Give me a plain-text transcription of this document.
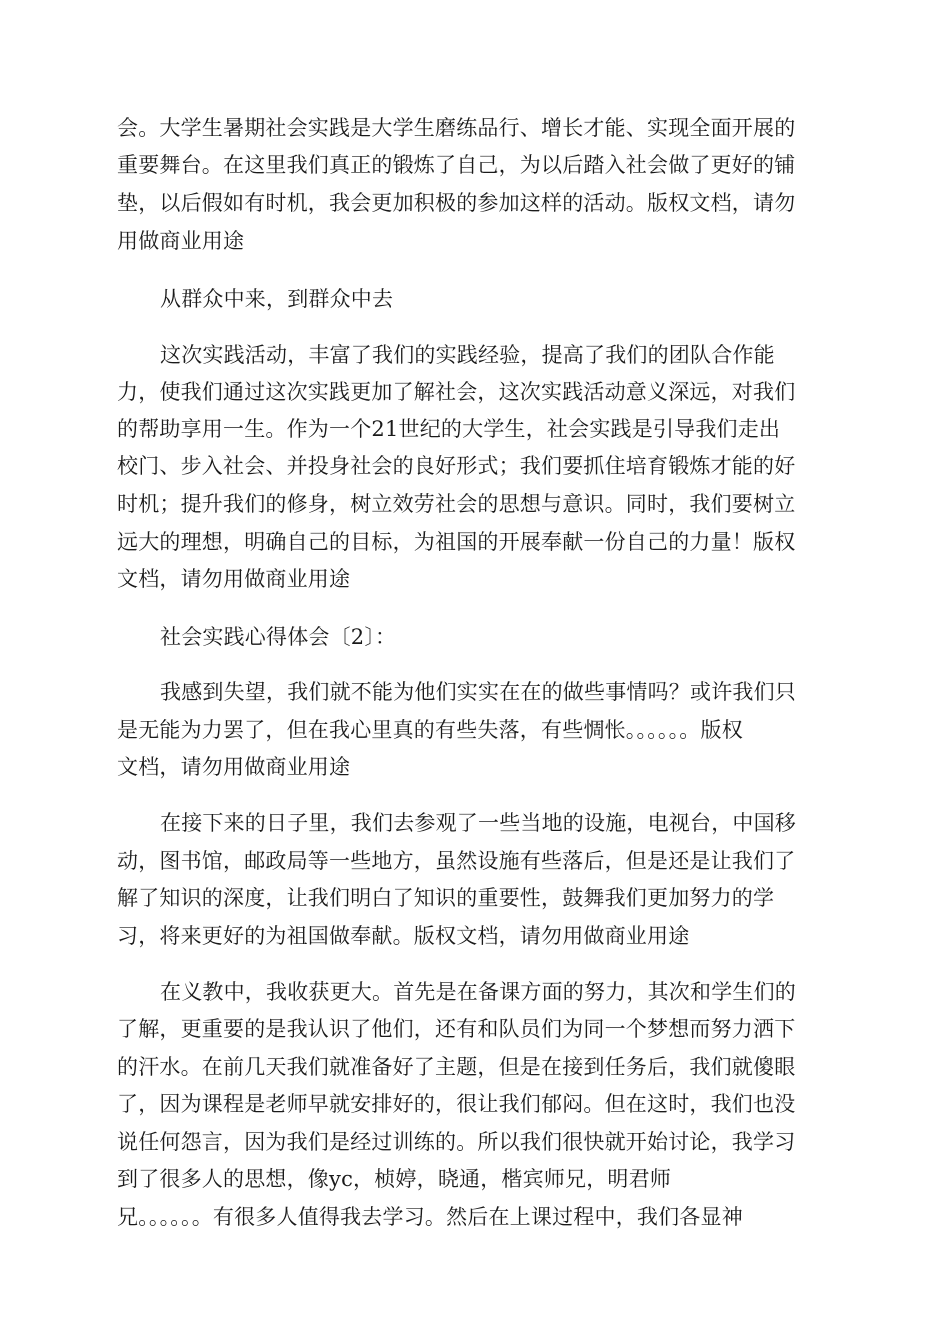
会。大学生暑期社会实践是大学生磨练品行、增长才能、实现全面开展的

重要舞台。在这里我们真正的锻炼了自己，为以后踏入社会做了更好的铺

垫，以后假如有时机，我会更加积极的参加这样的活动。版权文档，请勿

用做商业用途

从群众中来，到群众中去

这次实践活动，丰富了我们的实践经验，提高了我们的团队合作能

力，使我们通过这次实践更加了解社会，这次实践活动意义深远，对我们

的帮助享用一生。作为一个21世纪的大学生，社会实践是引导我们走出

校门、步入社会、并投身社会的良好形式；我们要抓住培育锻炼才能的好

时机；提升我们的修身，树立效劳社会的思想与意识。同时，我们要树立

远大的理想，明确自己的目标，为祖国的开展奉献一份自己的力量！版权

文档，请勿用做商业用途

社会实践心得体会〔2〕：

我感到失望，我们就不能为他们实实在在的做些事情吗？或许我们只

是无能为力罢了，但在我心里真的有些失落，有些惆怅。。。。。。版权

文档，请勿用做商业用途

在接下来的日子里，我们去参观了一些当地的设施，电视台，中国移

动，图书馆，邮政局等一些地方，虽然设施有些落后，但是还是让我们了

解了知识的深度，让我们明白了知识的重要性，鼓舞我们更加努力的学

习，将来更好的为祖国做奉献。版权文档，请勿用做商业用途

在义教中，我收获更大。首先是在备课方面的努力，其次和学生们的

了解，更重要的是我认识了他们，还有和队员们为同一个梦想而努力洒下

的汗水。在前几天我们就准备好了主题，但是在接到任务后，我们就傻眼

了，因为课程是老师早就安排好的，很让我们郁闷。但在这时，我们也没

说任何怨言，因为我们是经过训练的。所以我们很快就开始讨论，我学习

到了很多人的思想，像yc，桢婷，晓通，楷宾师兄，明君师

兄。。。。。。有很多人值得我去学习。然后在上课过程中，我们各显神
